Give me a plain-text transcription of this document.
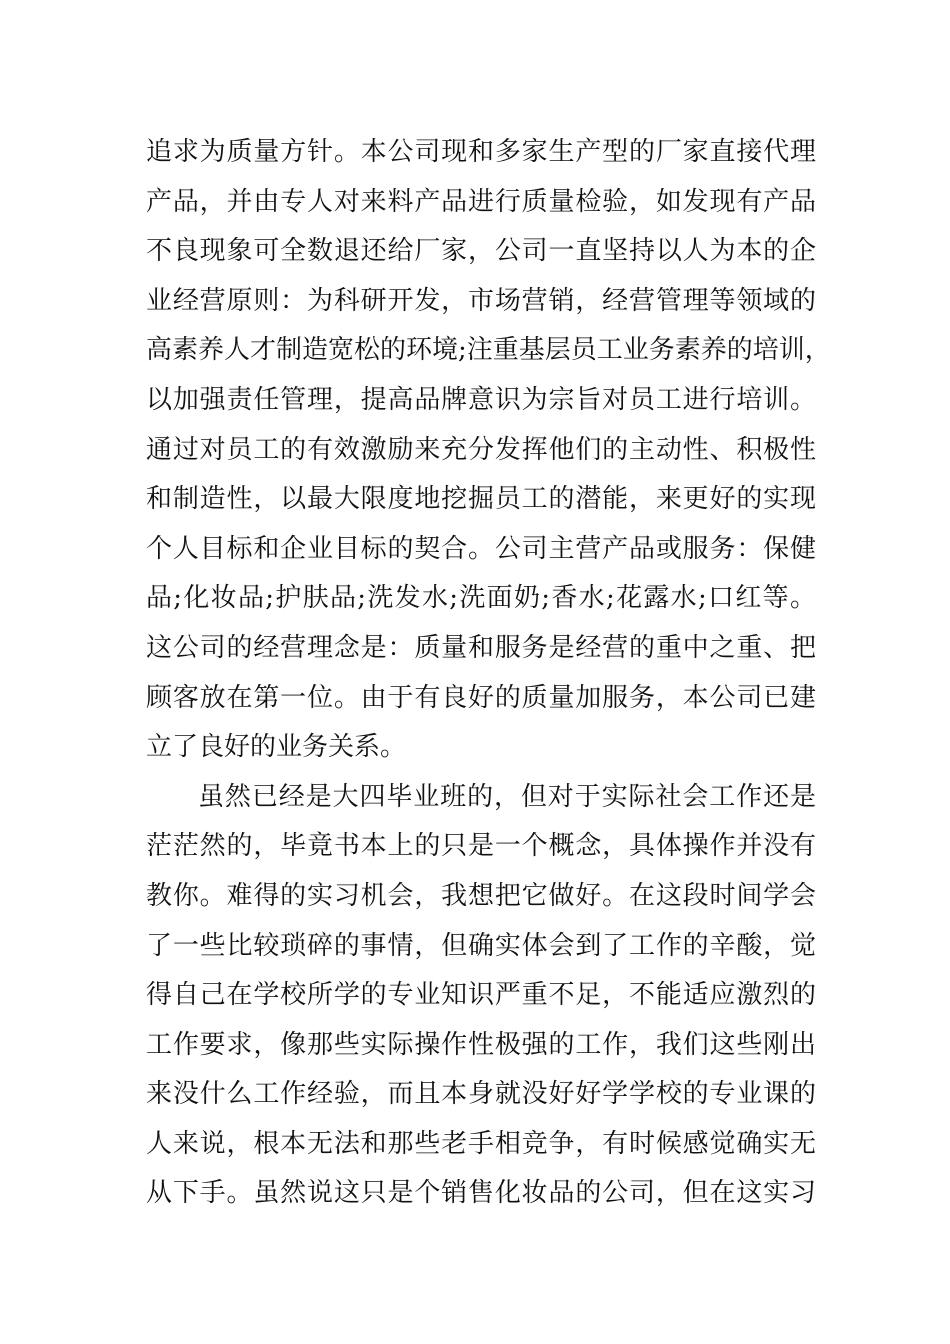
追求为质量方针。本公司现和多家生产型的厂家直接代理
产品，并由专人对来料产品进行质量检验，如发现有产品
不良现象可全数退还给厂家，公司一直坚持以人为本的企
业经营原则：为科研开发，市场营销，经营管理等领域的
高素养人才制造宽松的环境;注重基层员工业务素养的培训，
以加强责任管理，提高品牌意识为宗旨对员工进行培训。
通过对员工的有效激励来充分发挥他们的主动性、积极性
和制造性，以最大限度地挖掘员工的潜能，来更好的实现
个人目标和企业目标的契合。公司主营产品或服务：保健
品;化妆品;护肤品;洗发水;洗面奶;香水;花露水;口红等。
这公司的经营理念是：质量和服务是经营的重中之重、把
顾客放在第一位。由于有良好的质量加服务，本公司已建
立了良好的业务关系。
虽然已经是大四毕业班的，但对于实际社会工作还是
茫茫然的，毕竟书本上的只是一个概念，具体操作并没有
教你。难得的实习机会，我想把它做好。在这段时间学会
了一些比较琐碎的事情，但确实体会到了工作的辛酸，觉
得自己在学校所学的专业知识严重不足，不能适应激烈的
工作要求，像那些实际操作性极强的工作，我们这些刚出
来没什么工作经验，而且本身就没好好学学校的专业课的
人来说，根本无法和那些老手相竞争，有时候感觉确实无
从下手。虽然说这只是个销售化妆品的公司，但在这实习
